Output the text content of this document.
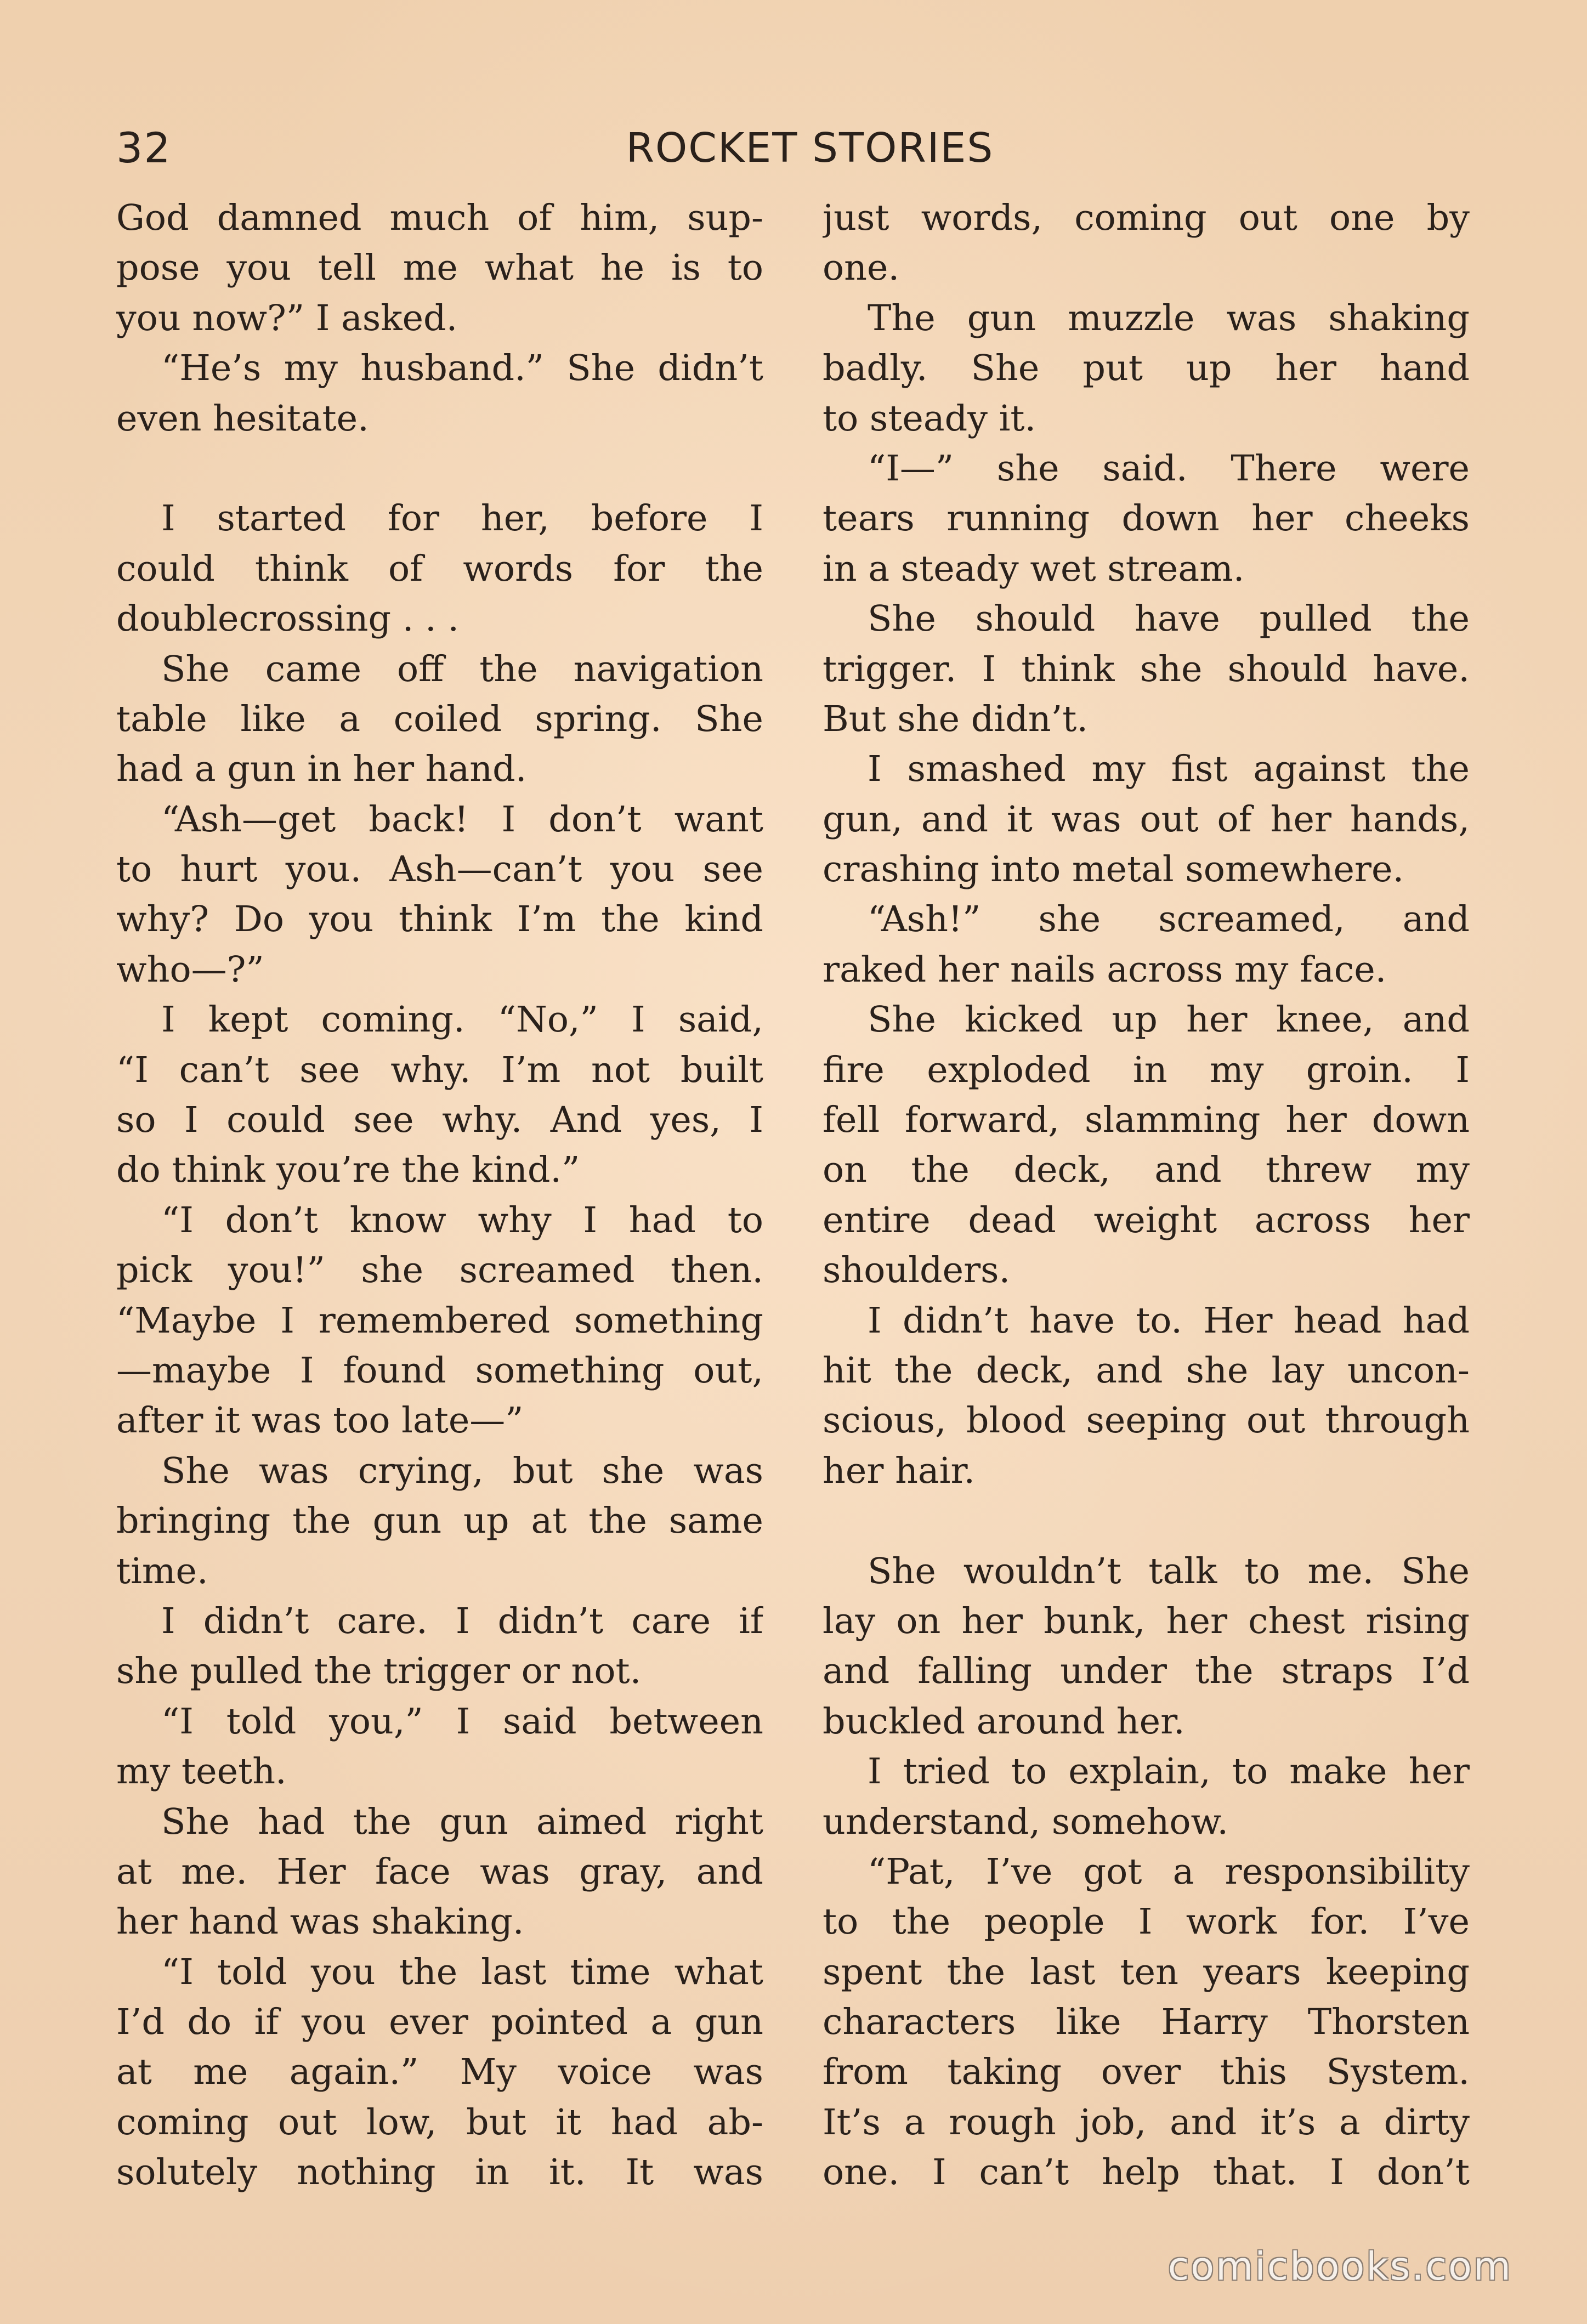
32	ROCKET STORIES
God damned much of him, sup-
pose you tell me what he is to
you now?” I asked.
“He’s my husband.” She didn’t
even hesitate.
I started for her, before I
could think of words for the
doublecrossing . . .
She came off the navigation
table like a coiled spring. She
had a gun in her hand.
“Ash—get back! I don’t want
to hurt you. Ash—can’t you see
why? Do you think I’m the kind
who—?”
I kept coming. “No,” I said,
“I can’t see why. I’m not built
so I could see why. And yes, I
do think you’re the kind.”
“I don’t know why I had to
pick you!” she screamed then.
“Maybe I remembered something
—maybe I found something out,
after it was too late—”
She was crying, but she was
bringing the gun up at the same
time.
I didn’t care. I didn’t care if
she pulled the trigger or not.
“I told you,” I said between
my teeth.
She had the gun aimed right
at me. Her face was gray, and
her hand was shaking.
“I told you the last time what
I’d do if you ever pointed a gun
at me again.” My voice was
coming out low, but it had ab-
solutely nothing in it. It was
just words, coming out one by
one.
The gun muzzle was shaking
badly. She put up her hand
to steady it.
“I—” she said. There were
tears running down her cheeks
in a steady wet stream.
She should have pulled the
trigger. I think she should have.
But she didn’t.
I smashed my fist against the
gun, and it was out of her hands,
crashing into metal somewhere.
“Ash!” she screamed, and
raked her nails across my face.
She kicked up her knee, and
fire exploded in my groin. I
fell forward, slamming her down
on the deck, and threw my
entire dead weight across her
shoulders.
I didn’t have to. Her head had
hit the deck, and she lay uncon-
scious, blood seeping out through
her hair.
She wouldn’t talk to me. She
lay on her bunk, her chest rising
and falling under the straps I’d
buckled around her.
I tried to explain, to make her
understand, somehow.
“Pat, I’ve got a responsibility
to the people I work for. I’ve
spent the last ten years keeping
characters like Harry Thorsten
from taking over this System.
It’s a rough job, and it’s a dirty
one. I can’t help that. I don’t
comicbooks.com
